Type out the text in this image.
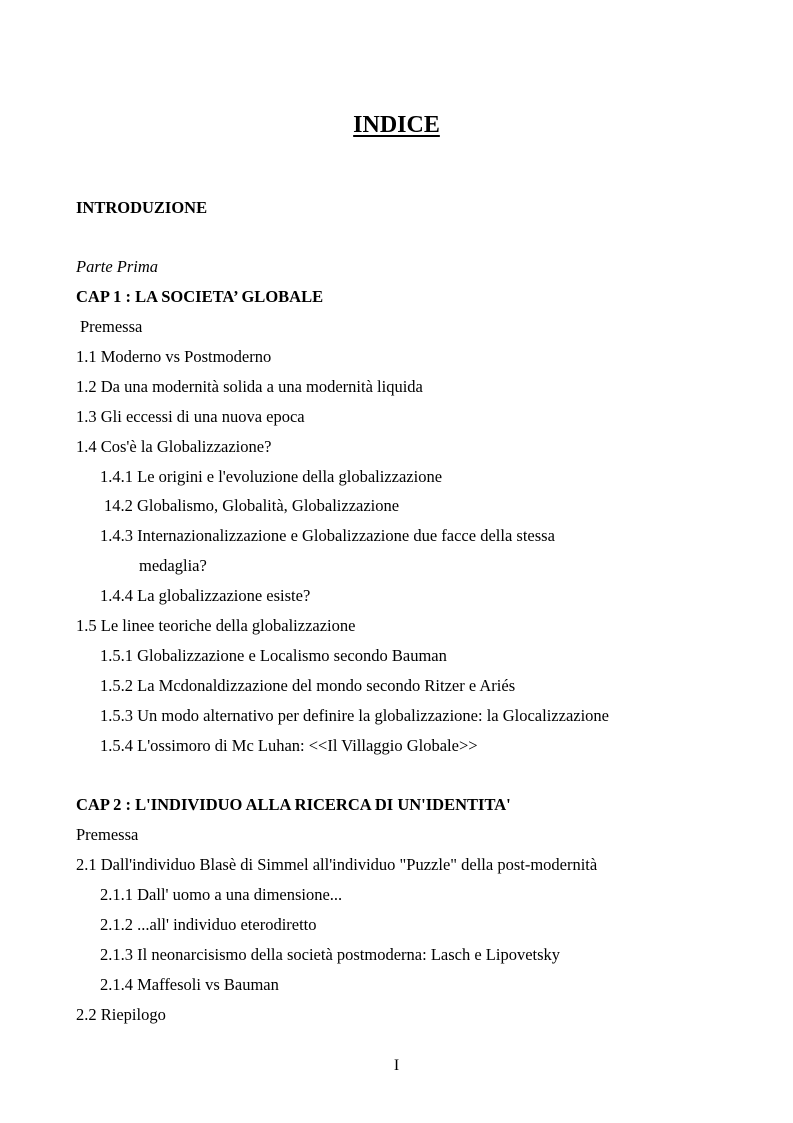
INDICE
INTRODUZIONE
Parte Prima
CAP 1 : LA SOCIETA’ GLOBALE
Premessa
1.1 Moderno vs Postmoderno
1.2 Da una modernità solida a una modernità liquida
1.3 Gli eccessi di una nuova epoca
1.4 Cos'è la Globalizzazione?
1.4.1 Le origini e l'evoluzione della globalizzazione
14.2 Globalismo, Globalità, Globalizzazione
1.4.3 Internazionalizzazione e Globalizzazione due facce della stessa
medaglia?
1.4.4 La globalizzazione esiste?
1.5 Le linee teoriche della globalizzazione
1.5.1 Globalizzazione e Localismo secondo Bauman
1.5.2 La Mcdonaldizzazione del mondo secondo Ritzer e Ariés
1.5.3 Un modo alternativo per definire la globalizzazione: la Glocalizzazione
1.5.4 L'ossimoro di Mc Luhan: <<Il Villaggio Globale>>
CAP 2 : L'INDIVIDUO ALLA RICERCA DI UN'IDENTITA'
Premessa
2.1 Dall'individuo Blasè di Simmel all'individuo "Puzzle" della post-modernità
2.1.1 Dall' uomo a una dimensione...
2.1.2 ...all' individuo eterodiretto
2.1.3 Il neonarcisismo della società postmoderna: Lasch e Lipovetsky
2.1.4 Maffesoli vs Bauman
2.2 Riepilogo
I
